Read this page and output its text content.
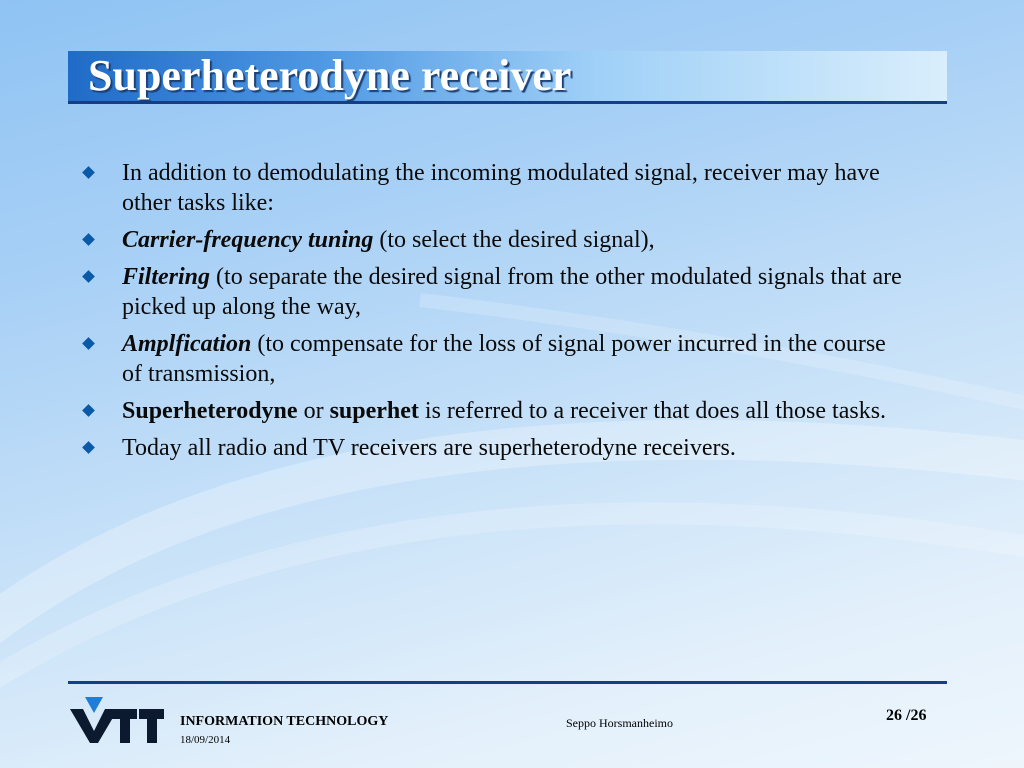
Superheterodyne receiver
In addition to demodulating the incoming modulated signal, receiver may have other tasks like:
Carrier-frequency tuning (to select the desired signal),
Filtering (to separate the desired signal from the other modulated signals that are picked up along the way,
Amplfication (to compensate for the loss of signal power incurred in the course of transmission,
Superheterodyne or superhet is referred to a receiver that does all those tasks.
Today all radio and TV receivers are superheterodyne receivers.
INFORMATION TECHNOLOGY
18/09/2014
Seppo Horsmanheimo	26 /26
